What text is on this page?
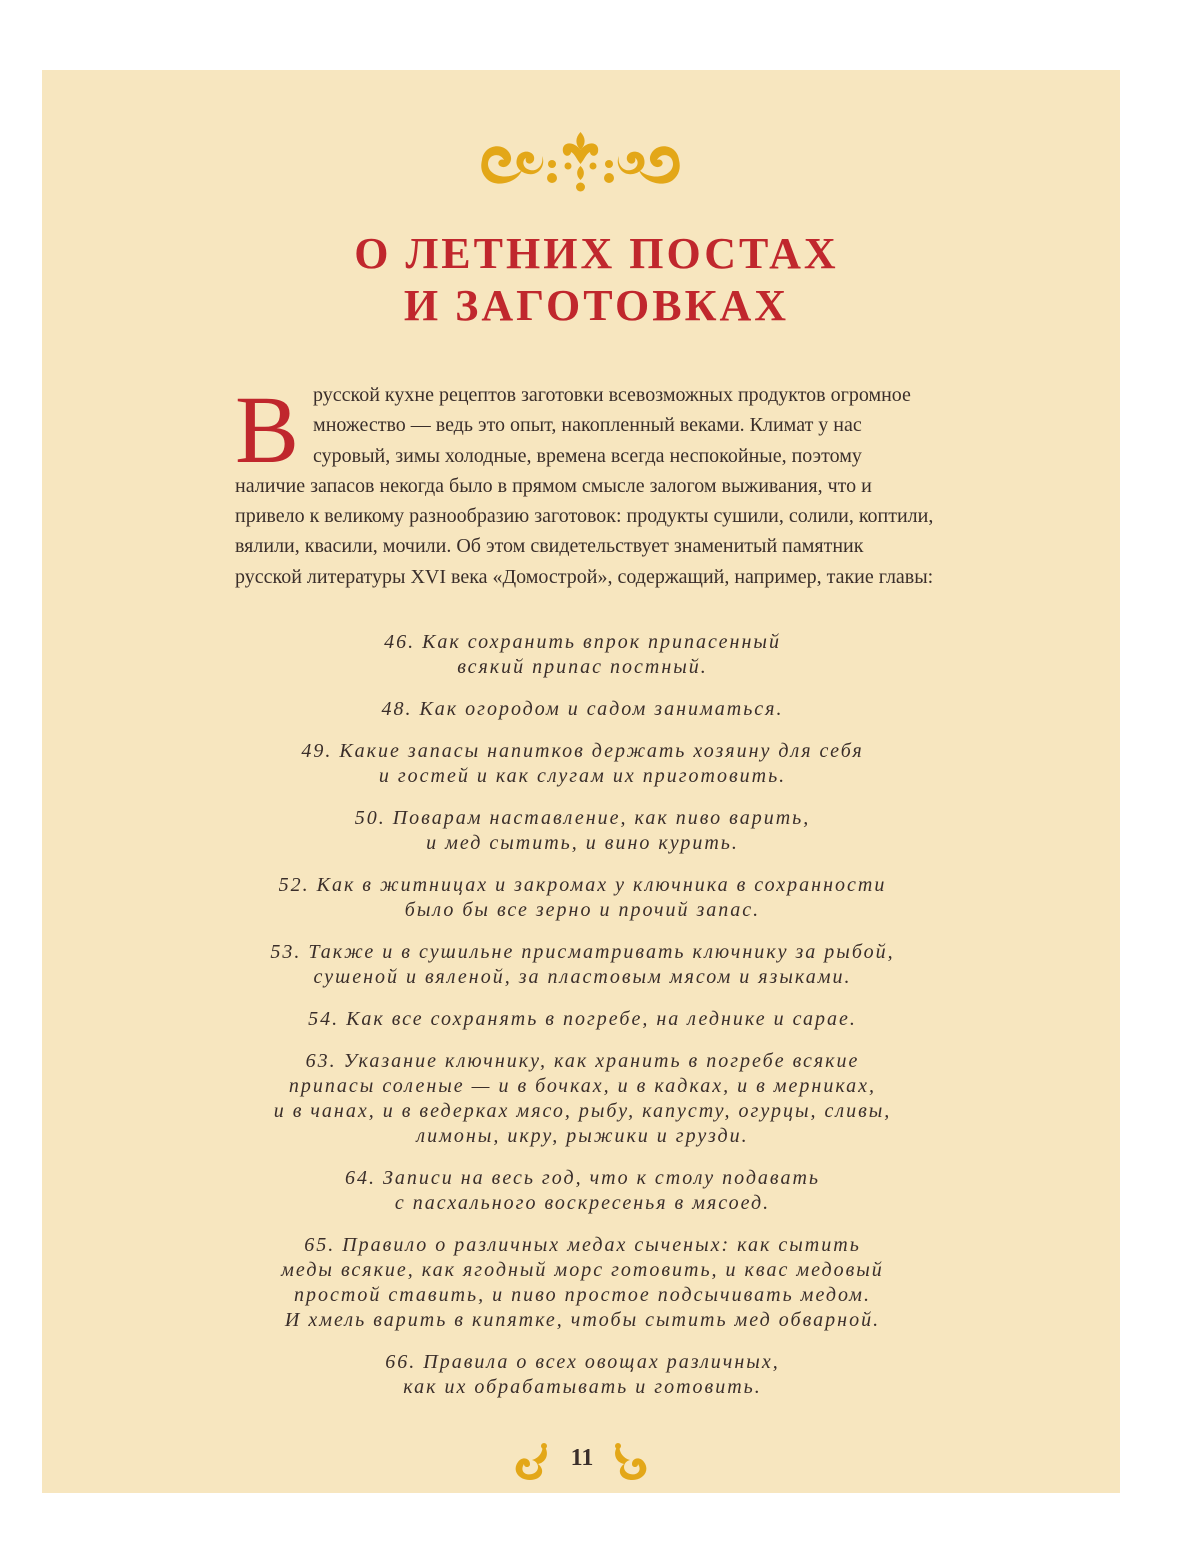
О ЛЕТНИХ ПОСТАХ
И ЗАГОТОВКАХ

В русской кухне рецептов заготовки всевозможных продуктов огромное множество — ведь это опыт, накопленный веками. Климат у нас суровый, зимы холодные, времена всегда неспокойные, поэтому наличие запасов некогда было в прямом смысле залогом выживания, что и привело к великому разнообразию заготовок: продукты сушили, солили, коптили, вялили, квасили, мочили. Об этом свидетельствует знаменитый памятник русской литературы XVI века «Домострой», содержащий, например, такие главы:

46. Как сохранить впрок припасенный
всякий припас постный.
48. Как огородом и садом заниматься.
49. Какие запасы напитков держать хозяину для себя
и гостей и как слугам их приготовить.
50. Поварам наставление, как пиво варить,
и мед сытить, и вино курить.
52. Как в житницах и закромах у ключника в сохранности
было бы все зерно и прочий запас.
53. Также и в сушильне присматривать ключнику за рыбой,
сушеной и вяленой, за пластовым мясом и языками.
54. Как все сохранять в погребе, на леднике и сарае.
63. Указание ключнику, как хранить в погребе всякие
припасы соленые — и в бочках, и в кадках, и в мерниках,
и в чанах, и в ведерках мясо, рыбу, капусту, огурцы, сливы,
лимоны, икру, рыжики и грузди.
64. Записи на весь год, что к столу подавать
с пасхального воскресенья в мясоед.
65. Правило о различных медах сыченых: как сытить
меды всякие, как ягодный морс готовить, и квас медовый
простой ставить, и пиво простое подсычивать медом.
И хмель варить в кипятке, чтобы сытить мед обварной.
66. Правила о всех овощах различных,
как их обрабатывать и готовить.
11
